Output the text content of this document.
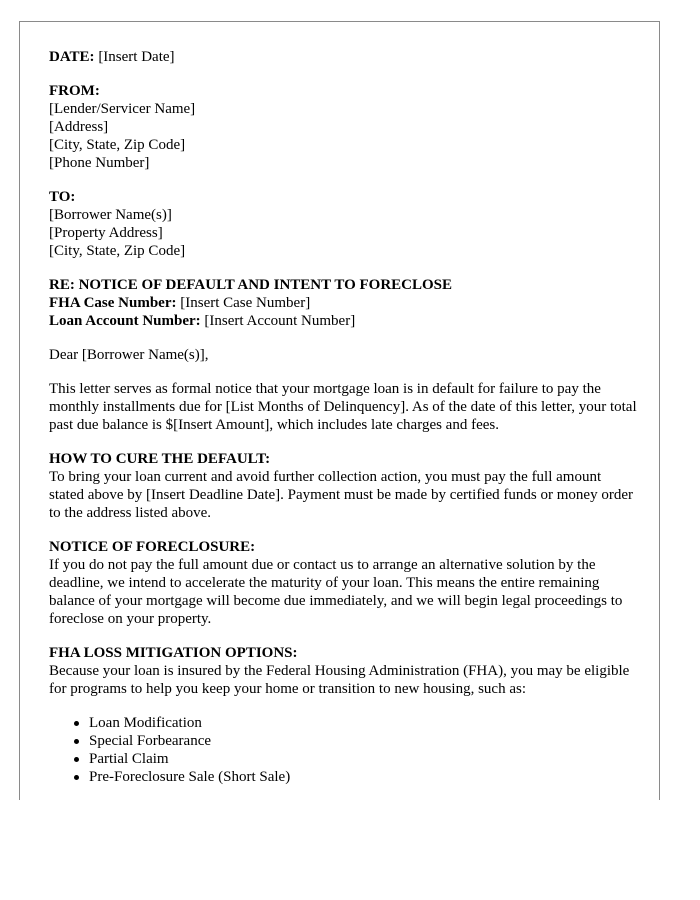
DATE: [Insert Date]
FROM:
[Lender/Servicer Name]
[Address]
[City, State, Zip Code]
[Phone Number]
TO:
[Borrower Name(s)]
[Property Address]
[City, State, Zip Code]
RE: NOTICE OF DEFAULT AND INTENT TO FORECLOSE
FHA Case Number: [Insert Case Number]
Loan Account Number: [Insert Account Number]
Dear [Borrower Name(s)],
This letter serves as formal notice that your mortgage loan is in default for failure to pay the monthly installments due for [List Months of Delinquency]. As of the date of this letter, your total past due balance is $[Insert Amount], which includes late charges and fees.
HOW TO CURE THE DEFAULT:
To bring your loan current and avoid further collection action, you must pay the full amount stated above by [Insert Deadline Date]. Payment must be made by certified funds or money order to the address listed above.
NOTICE OF FORECLOSURE:
If you do not pay the full amount due or contact us to arrange an alternative solution by the deadline, we intend to accelerate the maturity of your loan. This means the entire remaining balance of your mortgage will become due immediately, and we will begin legal proceedings to foreclose on your property.
FHA LOSS MITIGATION OPTIONS:
Because your loan is insured by the Federal Housing Administration (FHA), you may be eligible for programs to help you keep your home or transition to new housing, such as:
Loan Modification
Special Forbearance
Partial Claim
Pre-Foreclosure Sale (Short Sale)
